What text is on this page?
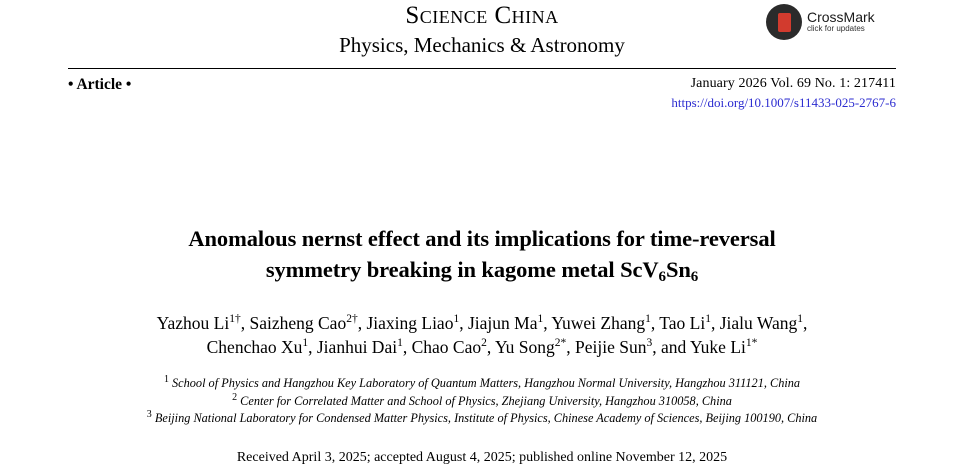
Science China
Physics, Mechanics & Astronomy
CrossMark
click for updates
• Article •	January 2026 Vol. 69 No. 1: 217411
https://doi.org/10.1007/s11433-025-2767-6
Anomalous nernst effect and its implications for time-reversal
symmetry breaking in kagome metal $ScV_6Sn_6$
Yazhou $Li^{1\dagger}$, Saizheng Cao$^{2\dagger}$, Jiaxing Liao$^1$, Jiajun Ma$^1$, Yuwei Zhang$^1$, Tao Li$^1$, Jialu Wang$^1$,
Chenchao Xu$^1$, Jianhui Dai$^1$, Chao Cao$^2$, Yu Song$^{2*}$, Peijie Sun$^3$, and Yuke $Li^{1*}$
$^1$ School of Physics and Hangzhou Key Laboratory of Quantum Matters, Hangzhou Normal University, Hangzhou 311121, China
$^2$ Center for Correlated Matter and School of Physics, Zhejiang University, Hangzhou 310058, China
$^3$ Beijing National Laboratory for Condensed Matter Physics, Institute of Physics, Chinese Academy of Sciences, Beijing 100190, China
Received April 3, 2025; accepted August 4, 2025; published online November 12, 2025
